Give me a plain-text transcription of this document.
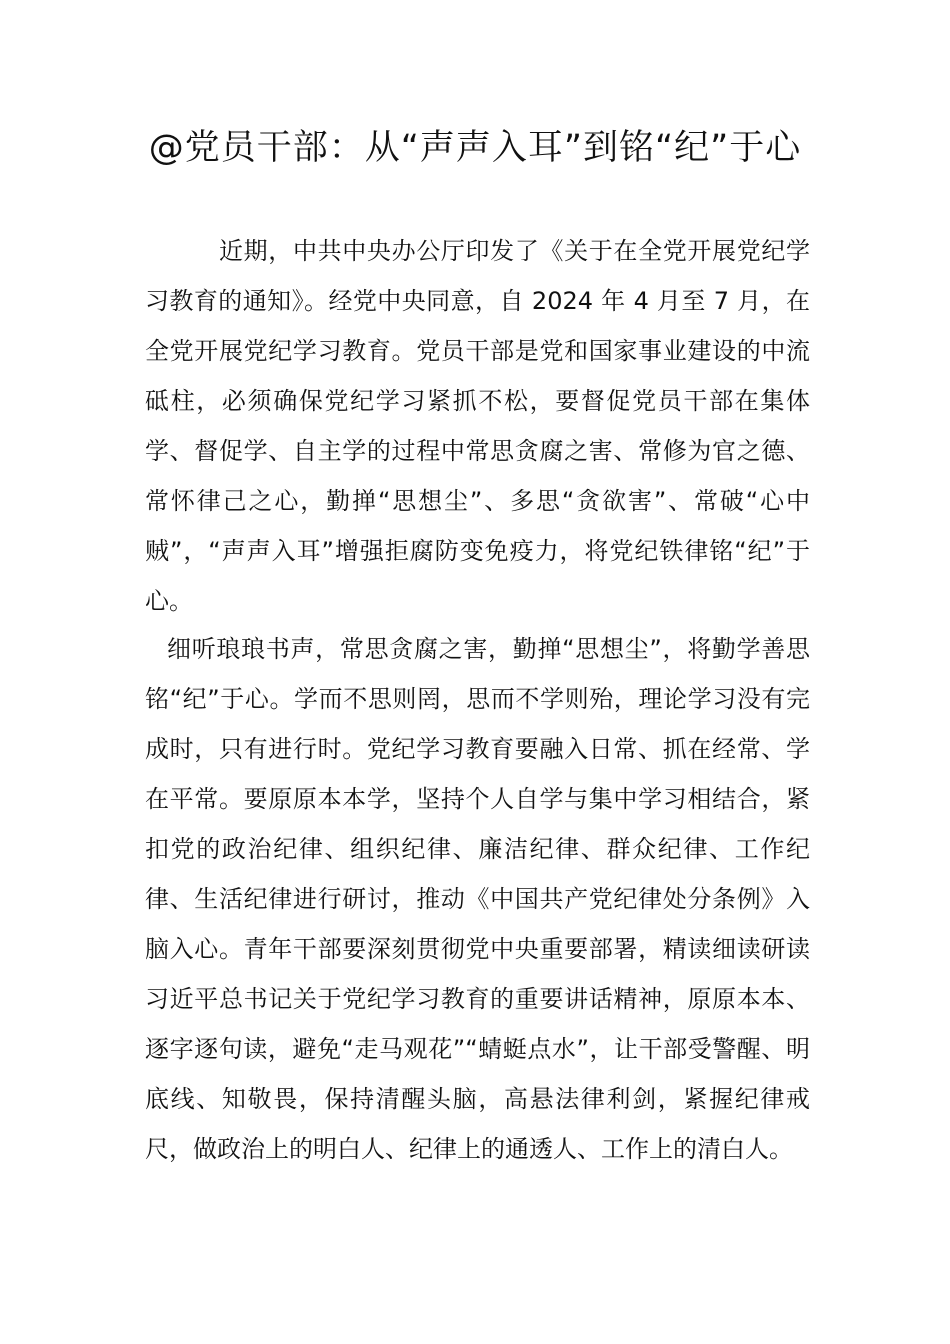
@党员干部：从“声声入耳”到铭“纪”于心

近期，中共中央办公厅印发了《关于在全党开展党纪学习教育的通知》。经党中央同意，自 2024 年 4 月至 7 月，在全党开展党纪学习教育。党员干部是党和国家事业建设的中流砥柱，必须确保党纪学习紧抓不松，要督促党员干部在集体学、督促学、自主学的过程中常思贪腐之害、常修为官之德、常怀律己之心，勤掸“思想尘”、多思“贪欲害”、常破“心中贼”，“声声入耳”增强拒腐防变免疫力，将党纪铁律铭“纪”于心。

细听琅琅书声，常思贪腐之害，勤掸“思想尘”，将勤学善思铭“纪”于心。学而不思则罔，思而不学则殆，理论学习没有完成时，只有进行时。党纪学习教育要融入日常、抓在经常、学在平常。要原原本本学，坚持个人自学与集中学习相结合，紧扣党的政治纪律、组织纪律、廉洁纪律、群众纪律、工作纪律、生活纪律进行研讨，推动《中国共产党纪律处分条例》入脑入心。青年干部要深刻贯彻党中央重要部署，精读细读研读习近平总书记关于党纪学习教育的重要讲话精神，原原本本、逐字逐句读，避免“走马观花”“蜻蜓点水”，让干部受警醒、明底线、知敬畏，保持清醒头脑，高悬法律利剑，紧握纪律戒尺，做政治上的明白人、纪律上的通透人、工作上的清白人。
